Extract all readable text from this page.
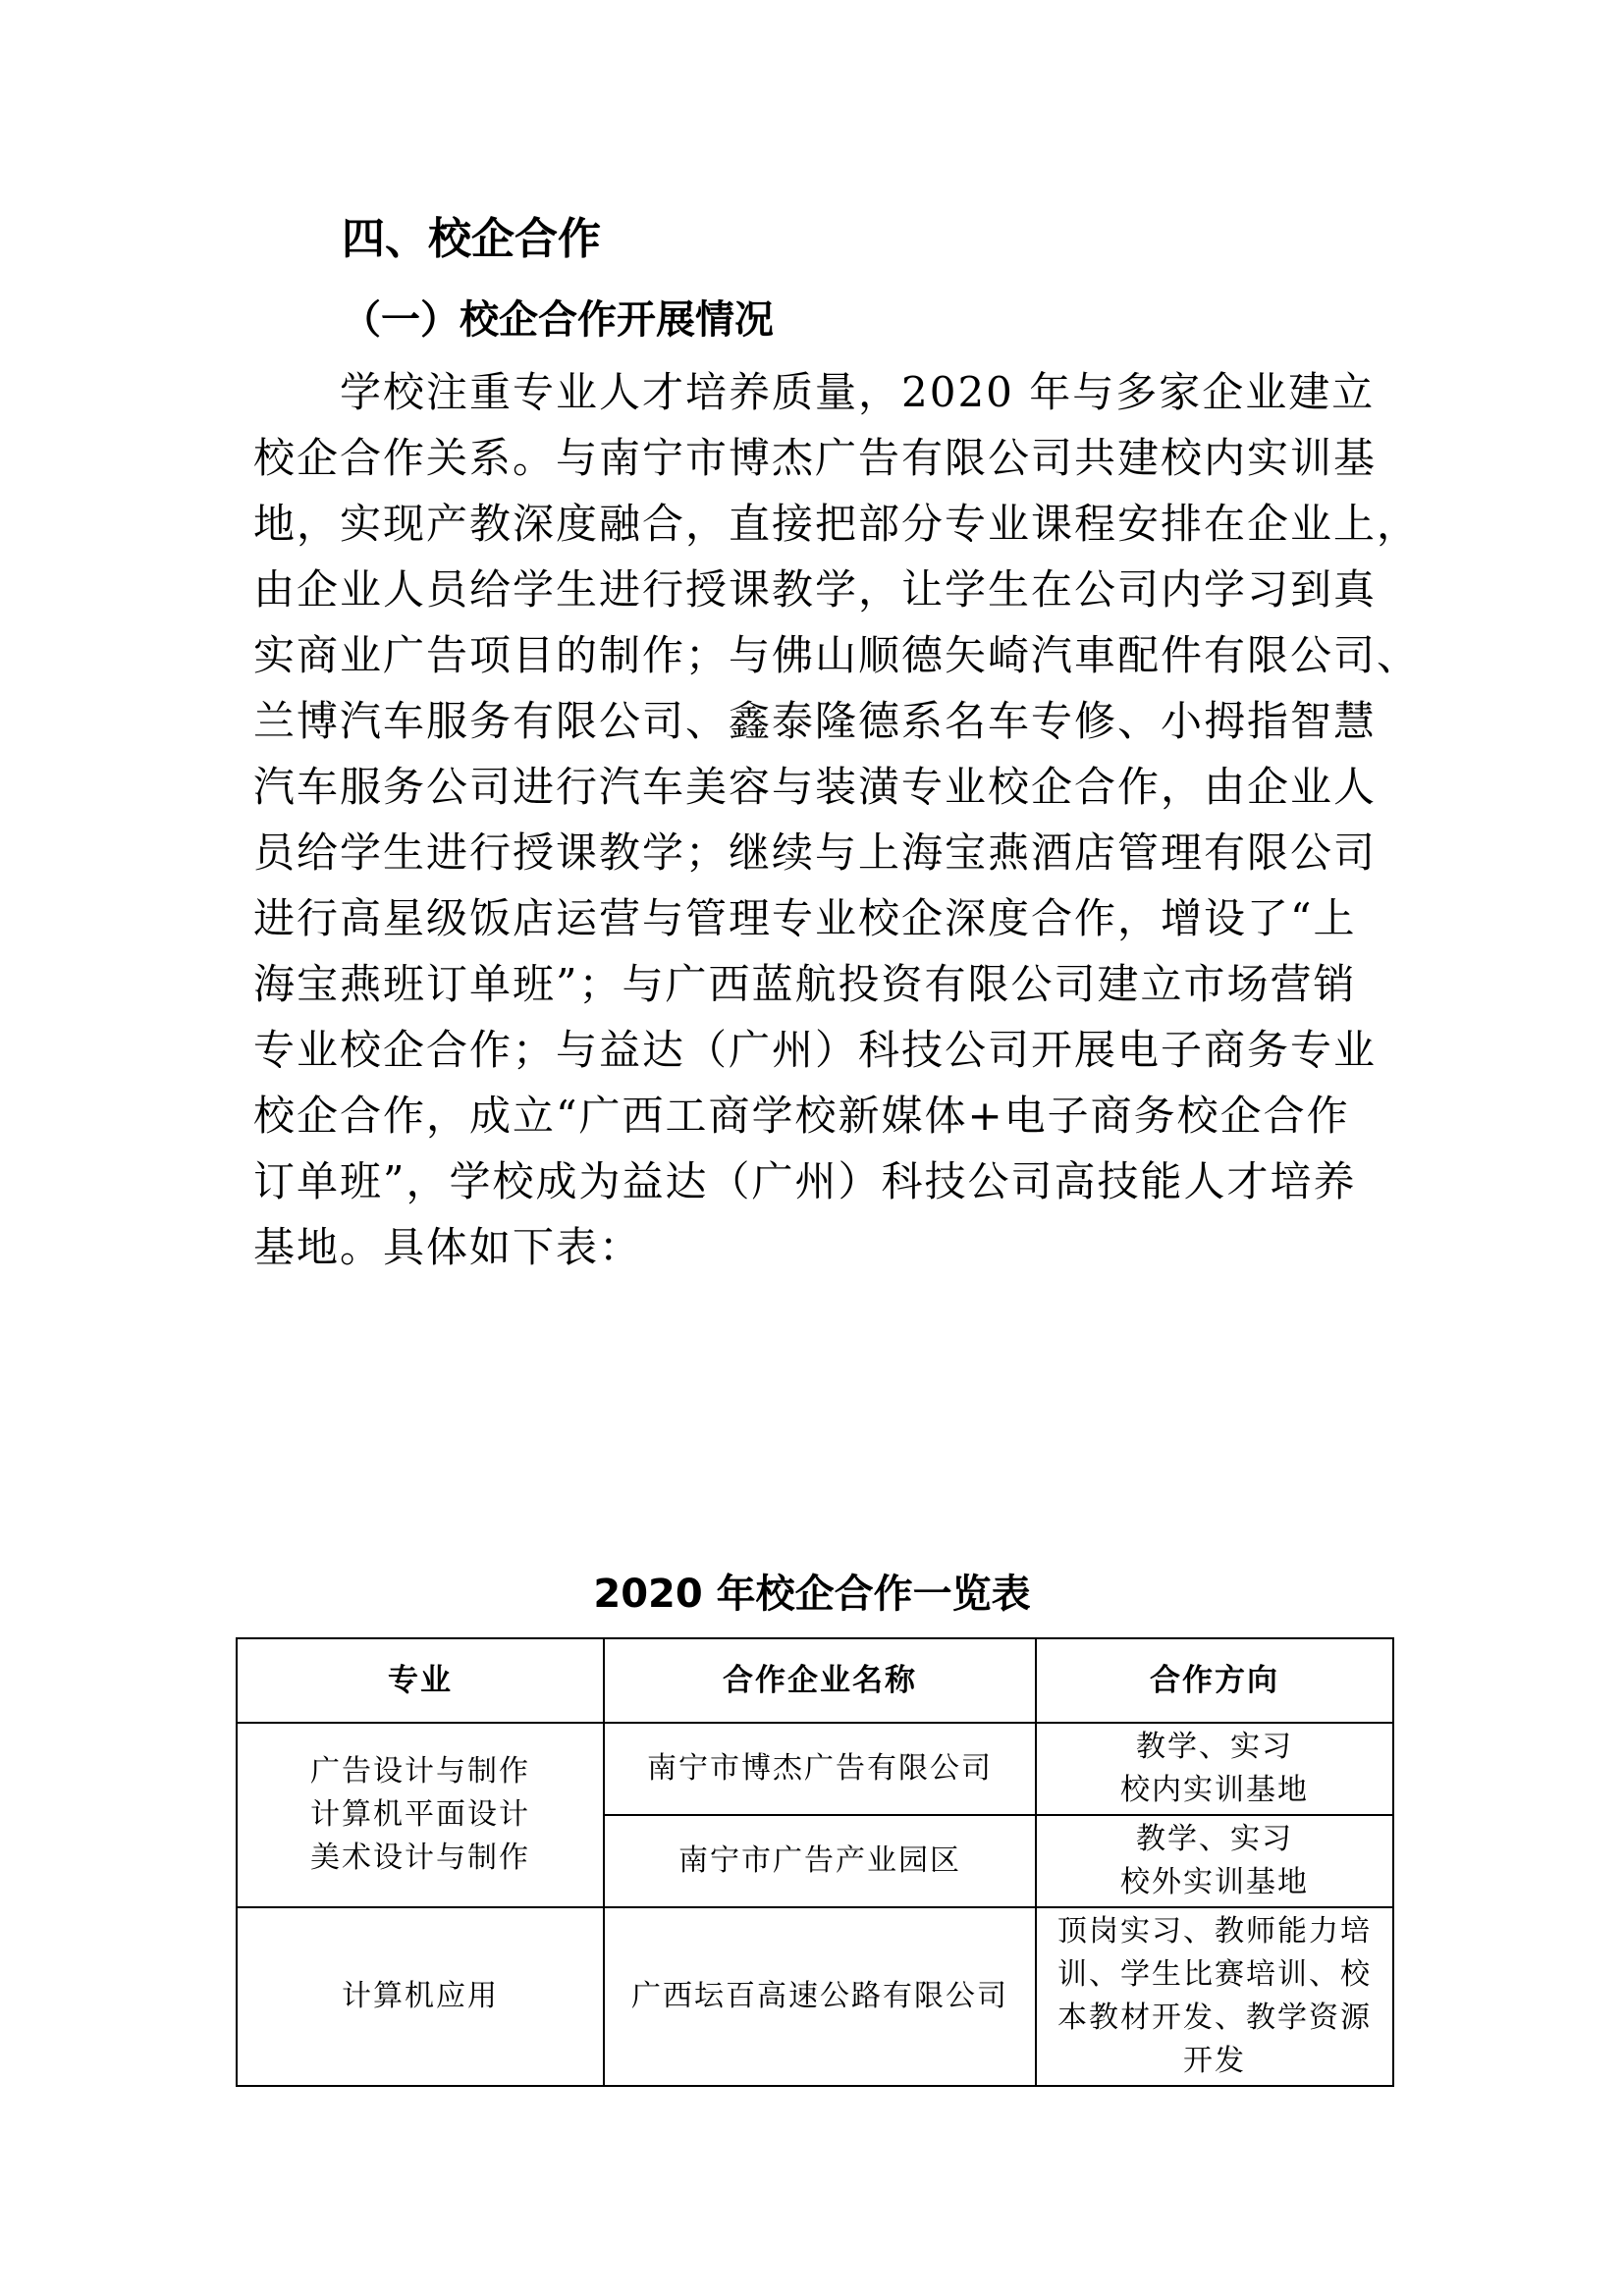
四、校企合作
（一）校企合作开展情况
　　学校注重专业人才培养质量，2020 年与多家企业建立
校企合作关系。与南宁市博杰广告有限公司共建校内实训基
地，实现产教深度融合，直接把部分专业课程安排在企业上，
由企业人员给学生进行授课教学，让学生在公司内学习到真
实商业广告项目的制作；与佛山顺德矢崎汽車配件有限公司、
兰博汽车服务有限公司、鑫泰隆德系名车专修、小拇指智慧
汽车服务公司进行汽车美容与装潢专业校企合作，由企业人
员给学生进行授课教学；继续与上海宝燕酒店管理有限公司
进行高星级饭店运营与管理专业校企深度合作，增设了“上
海宝燕班订单班”；与广西蓝航投资有限公司建立市场营销
专业校企合作；与益达（广州）科技公司开展电子商务专业
校企合作，成立“广西工商学校新媒体+电子商务校企合作
订单班”，学校成为益达（广州）科技公司高技能人才培养
基地。具体如下表：
2020 年校企合作一览表
专业	合作企业名称	合作方向

广告设计与制作
计算机平面设计
美术设计与制作	南宁市博杰广告有限公司	教学、实习
校内实训基地

	南宁市广告产业园区	教学、实习
校外实训基地

计算机应用	广西坛百高速公路有限公司	顶岗实习、教师能力培
训、学生比赛培训、校
本教材开发、教学资源
开发
